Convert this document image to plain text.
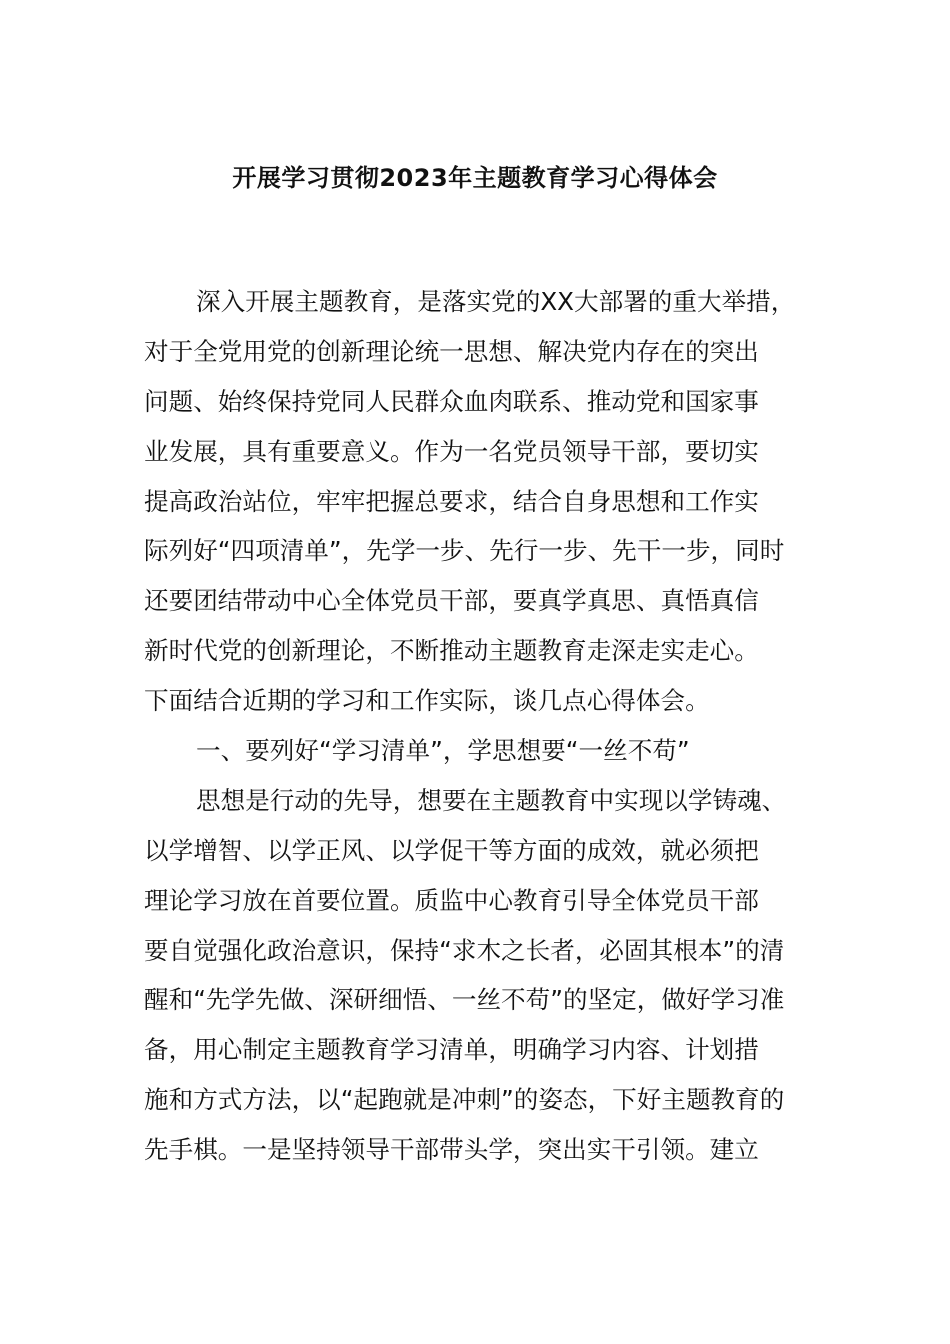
开展学习贯彻2023年主题教育学习心得体会
深入开展主题教育，是落实党的XX大部署的重大举措，
对于全党用党的创新理论统一思想、解决党内存在的突出
问题、始终保持党同人民群众血肉联系、推动党和国家事
业发展，具有重要意义。作为一名党员领导干部，要切实
提高政治站位，牢牢把握总要求，结合自身思想和工作实
际列好“四项清单”，先学一步、先行一步、先干一步，同时
还要团结带动中心全体党员干部，要真学真思、真悟真信
新时代党的创新理论，不断推动主题教育走深走实走心。
下面结合近期的学习和工作实际，谈几点心得体会。
一、要列好“学习清单”，学思想要“一丝不苟”
思想是行动的先导，想要在主题教育中实现以学铸魂、
以学增智、以学正风、以学促干等方面的成效，就必须把
理论学习放在首要位置。质监中心教育引导全体党员干部
要自觉强化政治意识，保持“求木之长者，必固其根本”的清
醒和“先学先做、深研细悟、一丝不苟”的坚定，做好学习准
备，用心制定主题教育学习清单，明确学习内容、计划措
施和方式方法，以“起跑就是冲刺”的姿态，下好主题教育的
先手棋。一是坚持领导干部带头学，突出实干引领。建立
